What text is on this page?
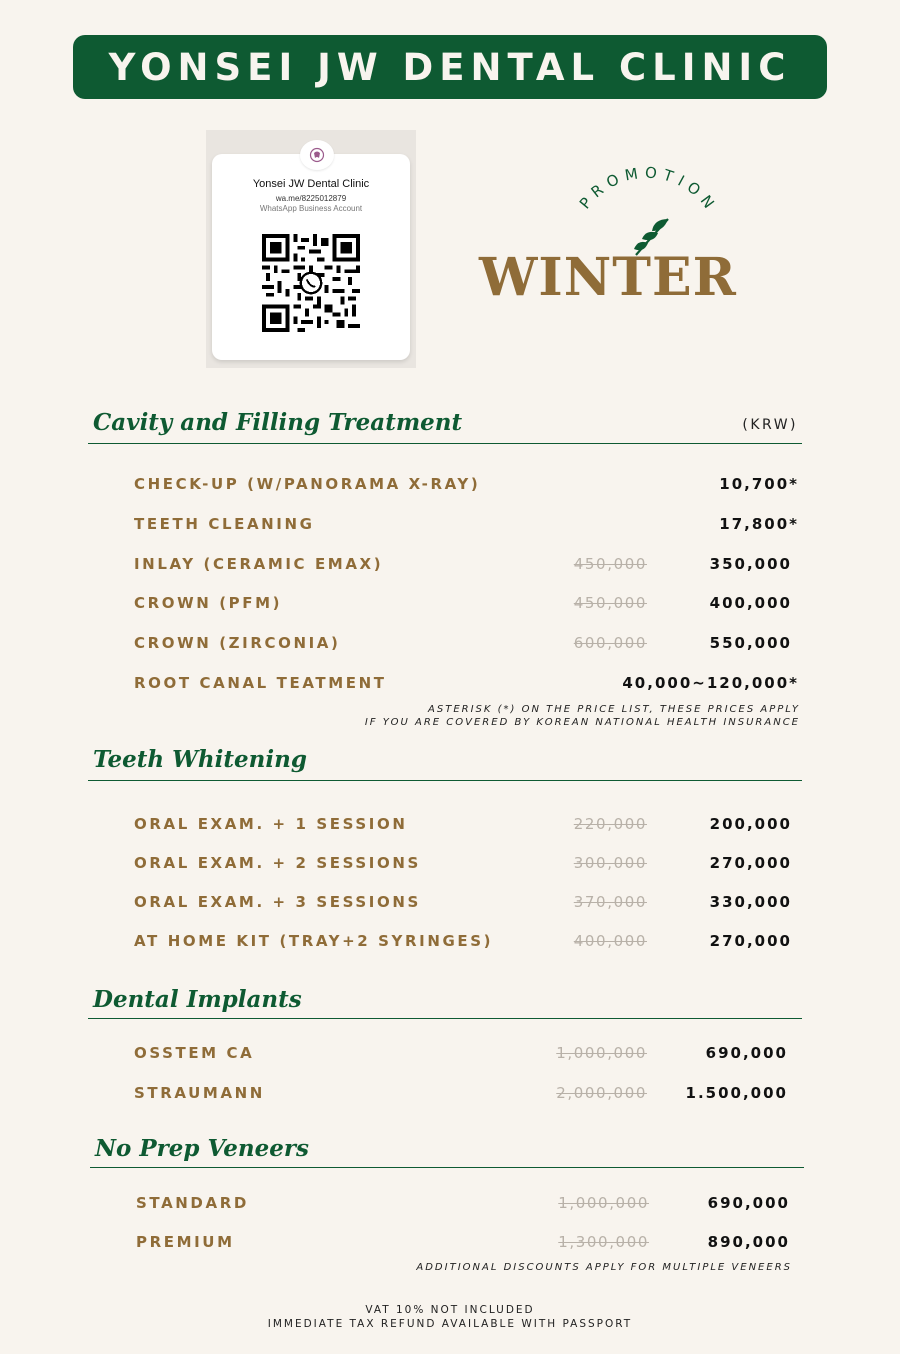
YONSEI JW DENTAL CLINIC
Yonsei JW Dental Clinic
wa.me/8225012879
WhatsApp Business Account	PROMOTION
WINTER
Cavity and Filling Treatment	(KRW)
CHECK-UP (W/PANORAMA X-RAY)	10,700*
TEETH CLEANING	17,800*
INLAY (CERAMIC EMAX)	450,000	350,000
CROWN (PFM)	450,000	400,000
CROWN (ZIRCONIA)	600,000	550,000
ROOT CANAL TEATMENT	40,000~120,000*
ASTERISK (*) ON THE PRICE LIST, THESE PRICES APPLY
IF YOU ARE COVERED BY KOREAN NATIONAL HEALTH INSURANCE
Teeth Whitening
ORAL EXAM. + 1 SESSION	220,000	200,000
ORAL EXAM. + 2 SESSIONS	300,000	270,000
ORAL EXAM. + 3 SESSIONS	370,000	330,000
AT HOME KIT (TRAY+2 SYRINGES)	400,000	270,000
Dental Implants
OSSTEM CA	1,000,000	690,000
STRAUMANN	2,000,000	1.500,000
No Prep Veneers
STANDARD	1,000,000	690,000
PREMIUM	1,300,000	890,000
ADDITIONAL DISCOUNTS APPLY FOR MULTIPLE VENEERS
VAT 10% NOT INCLUDED
IMMEDIATE TAX REFUND AVAILABLE WITH PASSPORT
